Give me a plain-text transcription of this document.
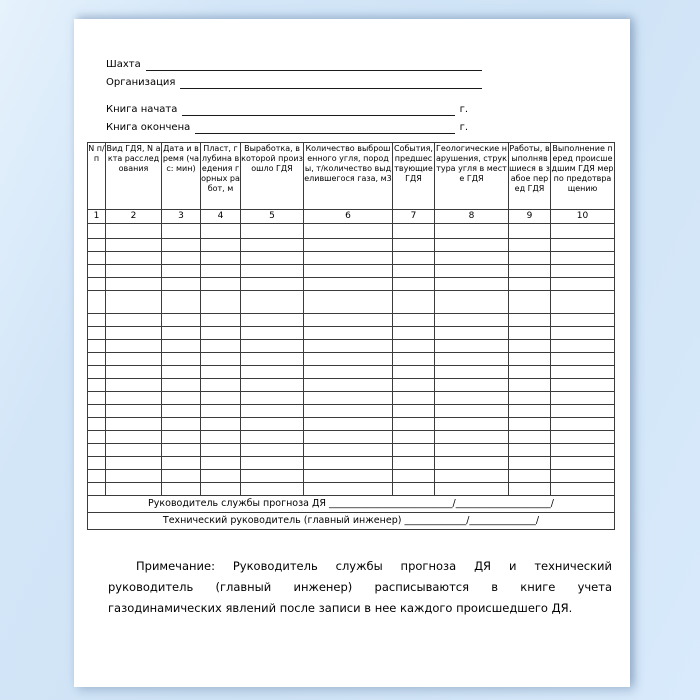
Шахта
Организация
Книга начата	г.
Книга окончена	г.
N п/п	Вид ГДЯ, N акта расследования	Дата и время (час: мин)	Пласт, глубина ведения горных работ, м	Выработка, в которой произошло ГДЯ	Количество выброшенного угля, породы, т/количество выделившегося газа, м3	События, предшествующие ГДЯ	Геологические нарушения, структура угля в месте ГДЯ	Работы, выполнявшиеся в забое перед ГДЯ	Выполнение перед происшедшим ГДЯ мер по предотвращению
1	2	3	4	5	6	7	8	9	10

Руководитель службы прогноза ДЯ __________________________/____________________/									
Технический руководитель (главный инженер) _____________/______________/									

Примечание: Руководитель службы прогноза ДЯ и технический руководитель (главный инженер) расписываются в книге учета газодинамических явлений после записи в нее каждого происшедшего ДЯ.
